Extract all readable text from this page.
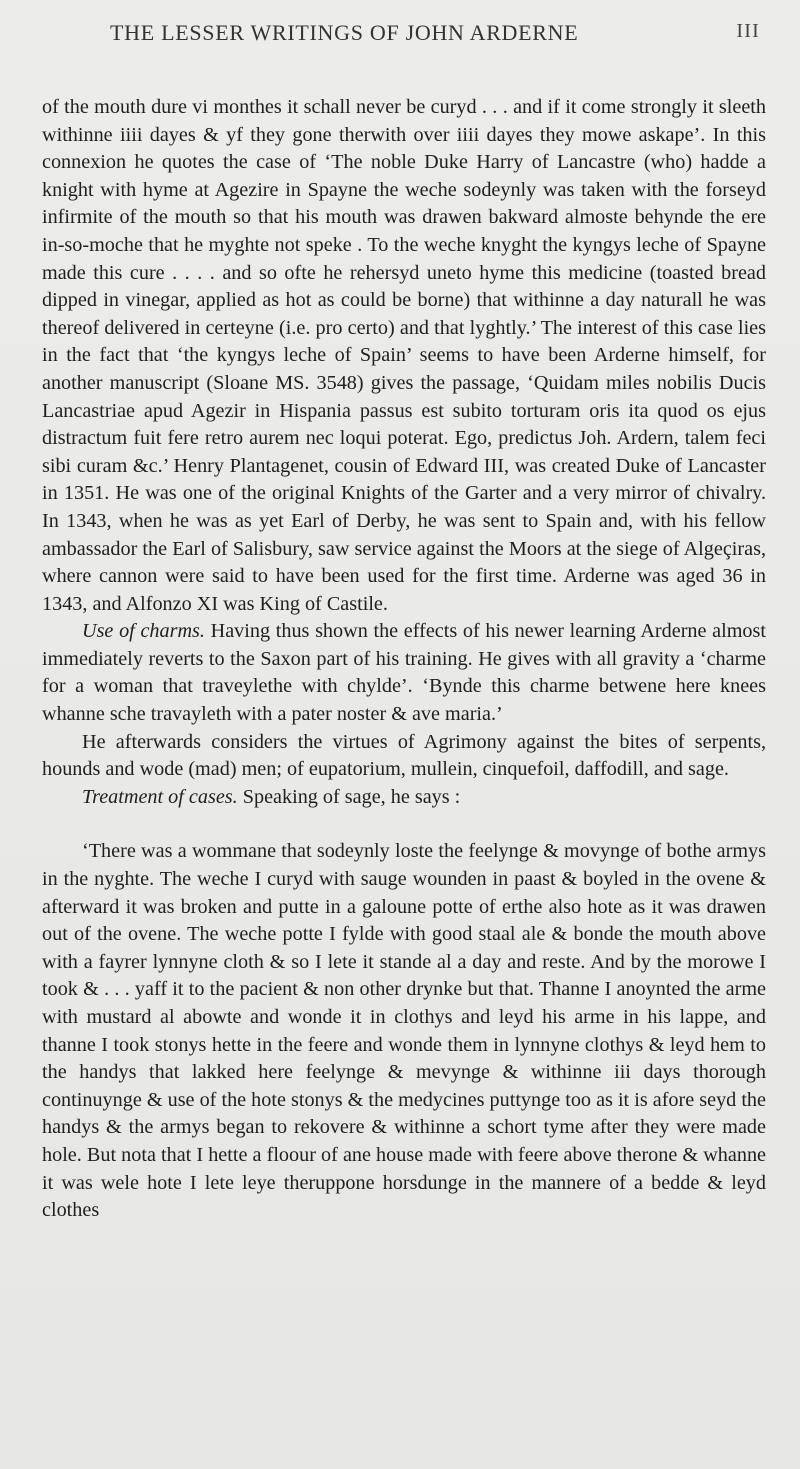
THE LESSER WRITINGS OF JOHN ARDERNE	III

of the mouth dure vi monthes it schall never be curyd . . . and if it come strongly it sleeth withinne iiii dayes & yf they gone therwith over iiii dayes they mowe askape’. In this connexion he quotes the case of ‘The noble Duke Harry of Lancastre (who) hadde a knight with hyme at Agezire in Spayne the weche sodeynly was taken with the forseyd infirmite of the mouth so that his mouth was drawen bakward almoste behynde the ere in-so-moche that he myghte not speke . To the weche knyght the kyngys leche of Spayne made this cure . . . . and so ofte he rehersyd uneto hyme this medicine (toasted bread dipped in vinegar, applied as hot as could be borne) that withinne a day naturall he was thereof delivered in certeyne (i.e. pro certo) and that lyghtly.’ The interest of this case lies in the fact that ‘the kyngys leche of Spain’ seems to have been Arderne himself, for another manuscript (Sloane MS. 3548) gives the passage, ‘Quidam miles nobilis Ducis Lancastriae apud Agezir in Hispania passus est subito torturam oris ita quod os ejus distractum fuit fere retro aurem nec loqui poterat. Ego, predictus Joh. Ardern, talem feci sibi curam &c.’ Henry Plantagenet, cousin of Edward III, was created Duke of Lancaster in 1351. He was one of the original Knights of the Garter and a very mirror of chivalry. In 1343, when he was as yet Earl of Derby, he was sent to Spain and, with his fellow ambassador the Earl of Salisbury, saw service against the Moors at the siege of Algeçiras, where cannon were said to have been used for the first time. Arderne was aged 36 in 1343, and Alfonzo XI was King of Castile.

Use of charms. Having thus shown the effects of his newer learning Arderne almost immediately reverts to the Saxon part of his training. He gives with all gravity a ‘charme for a woman that traveylethe with chylde’. ‘Bynde this charme betwene here knees whanne sche travayleth with a pater noster & ave maria.’

He afterwards considers the virtues of Agrimony against the bites of serpents, hounds and wode (mad) men; of eupatorium, mullein, cinquefoil, daffodill, and sage.

Treatment of cases. Speaking of sage, he says :

‘There was a wommane that sodeynly loste the feelynge & movynge of bothe armys in the nyghte. The weche I curyd with sauge wounden in paast & boyled in the ovene & afterward it was broken and putte in a galoune potte of erthe also hote as it was drawen out of the ovene. The weche potte I fylde with good staal ale & bonde the mouth above with a fayrer lynnyne cloth & so I lete it stande al a day and reste. And by the morowe I took & . . . yaff it to the pacient & non other drynke but that. Thanne I anoynted the arme with mustard al abowte and wonde it in clothys and leyd his arme in his lappe, and thanne I took stonys hette in the feere and wonde them in lynnyne clothys & leyd hem to the handys that lakked here feelynge & mevynge & withinne iii days thorough continuynge & use of the hote stonys & the medycines puttynge too as it is afore seyd the handys & the armys began to rekovere & withinne a schort tyme after they were made hole. But nota that I hette a floour of ane house made with feere above therone & whanne it was wele hote I lete leye theruppone horsdunge in the mannere of a bedde & leyd clothes
